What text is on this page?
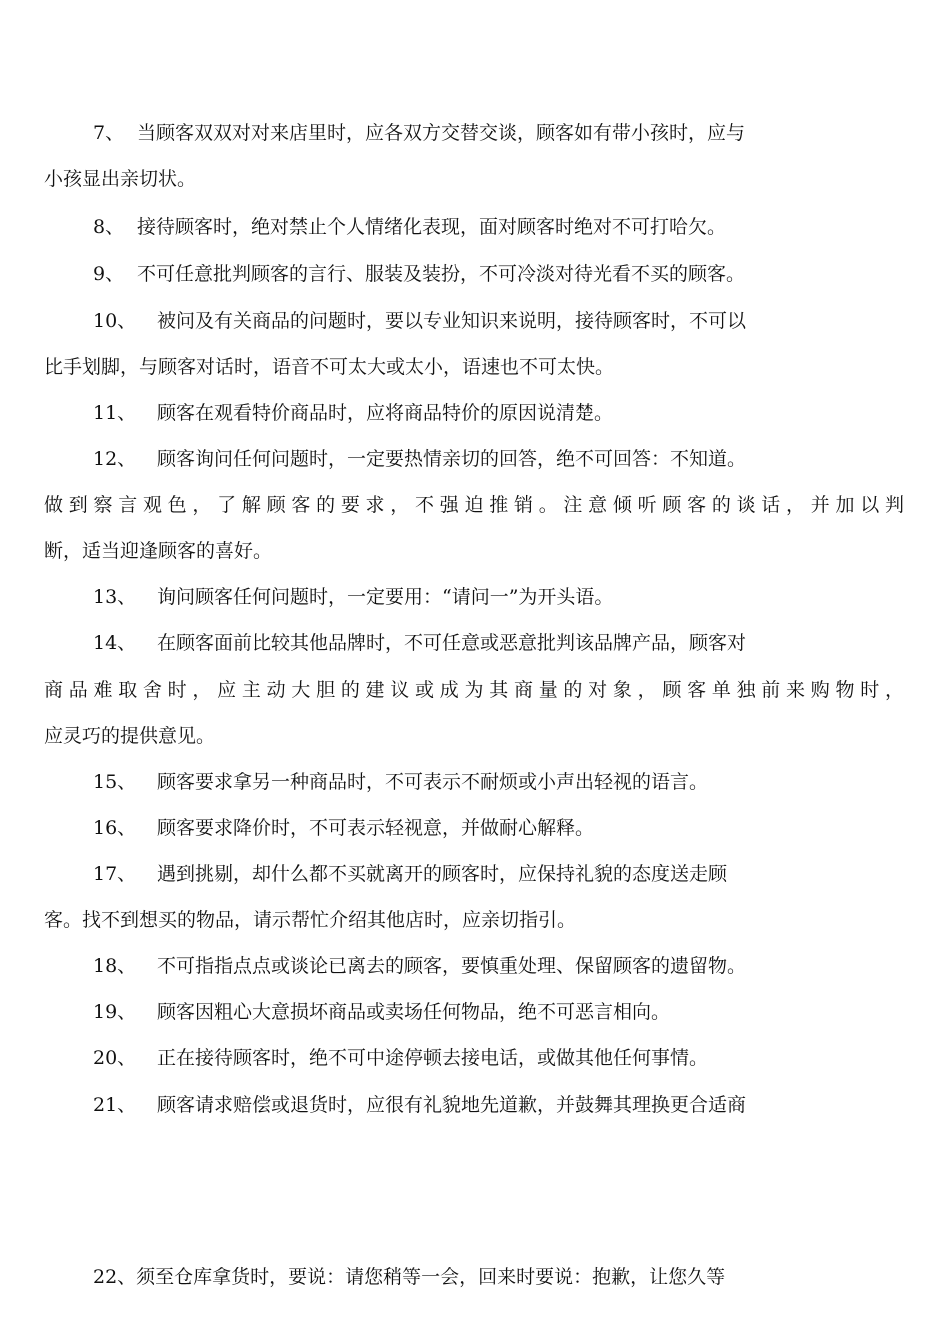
7、 当顾客双双对对来店里时，应各双方交替交谈，顾客如有带小孩时，应与

小孩显出亲切状。

8、 接待顾客时，绝对禁止个人情绪化表现，面对顾客时绝对不可打哈欠。

9、 不可任意批判顾客的言行、服装及装扮，不可冷淡对待光看不买的顾客。

10、 被问及有关商品的问题时，要以专业知识来说明，接待顾客时，不可以

比手划脚，与顾客对话时，语音不可太大或太小，语速也不可太快。

11、 顾客在观看特价商品时，应将商品特价的原因说清楚。

12、 顾客询问任何问题时，一定要热情亲切的回答，绝不可回答：不知道。

做到察言观色，了解顾客的要求，不强迫推销。注意倾听顾客的谈话，并加以判

断，适当迎逢顾客的喜好。

13、 询问顾客任何问题时，一定要用：“请问一”为开头语。

14、 在顾客面前比较其他品牌时，不可任意或恶意批判该品牌产品，顾客对

商品难取舍时，应主动大胆的建议或成为其商量的对象，顾客单独前来购物时，

应灵巧的提供意见。

15、 顾客要求拿另一种商品时，不可表示不耐烦或小声出轻视的语言。

16、 顾客要求降价时，不可表示轻视意，并做耐心解释。

17、 遇到挑剔，却什么都不买就离开的顾客时，应保持礼貌的态度送走顾

客。找不到想买的物品，请示帮忙介绍其他店时，应亲切指引。

18、 不可指指点点或谈论已离去的顾客，要慎重处理、保留顾客的遗留物。

19、 顾客因粗心大意损坏商品或卖场任何物品，绝不可恶言相向。

20、 正在接待顾客时，绝不可中途停顿去接电话，或做其他任何事情。

21、 顾客请求赔偿或退货时，应很有礼貌地先道歉，并鼓舞其理换更合适商

22、须至仓库拿货时，要说：请您稍等一会，回来时要说：抱歉，让您久等
